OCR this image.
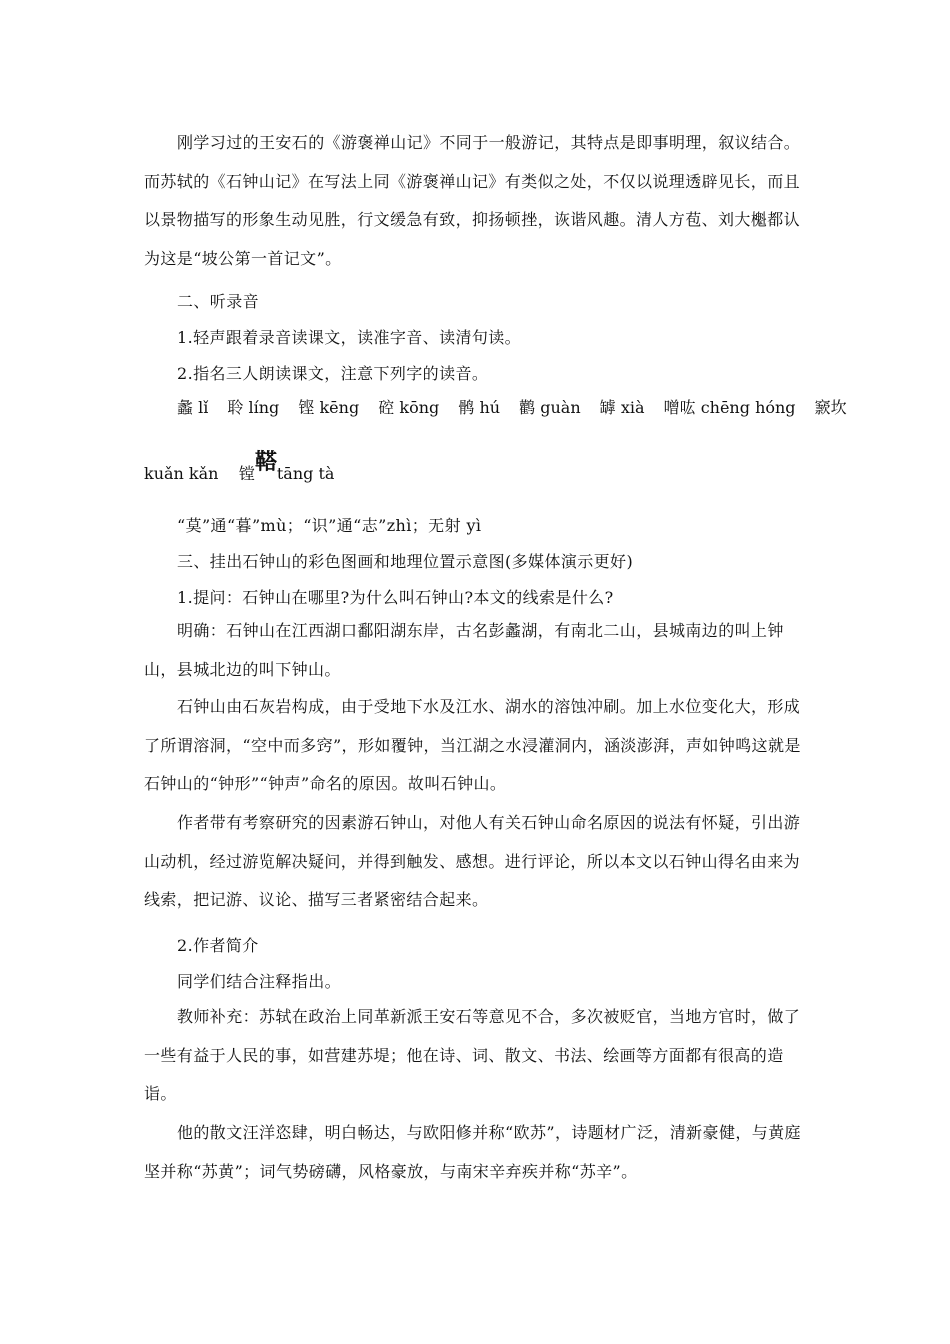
刚学习过的王安石的《游褒禅山记》不同于一般游记，其特点是即事明理，叙议结合。而苏轼的《石钟山记》在写法上同《游褒禅山记》有类似之处，不仅以说理透辟见长，而且以景物描写的形象生动见胜，行文缓急有致，抑扬顿挫，诙谐风趣。清人方苞、刘大櫆都认为这是“坡公第一首记文”。
二、听录音
1.轻声跟着录音读课文，读准字音、读清句读。
2.指名三人朗读课文，注意下列字的读音。
蠡 lǐ 聆 líng 铿 kēng 硿 kōng 鹘 hú 鹳 guàn 罅 xià 噌吰 chēng hóng 窾坎
kuǎn kǎn 镗鞳tāng tà
“莫”通“暮”mù；“识”通“志”zhì；无射 yì
三、挂出石钟山的彩色图画和地理位置示意图(多媒体演示更好)
1.提问：石钟山在哪里?为什么叫石钟山?本文的线索是什么?
明确：石钟山在江西湖口鄱阳湖东岸，古名彭蠡湖，有南北二山，县城南边的叫上钟山，县城北边的叫下钟山。
石钟山由石灰岩构成，由于受地下水及江水、湖水的溶蚀冲刷。加上水位变化大，形成了所谓溶洞，“空中而多窍”，形如覆钟，当江湖之水浸灌洞内，涵淡澎湃，声如钟鸣这就是石钟山的“钟形”“钟声”命名的原因。故叫石钟山。
作者带有考察研究的因素游石钟山，对他人有关石钟山命名原因的说法有怀疑，引出游山动机，经过游览解决疑问，并得到触发、感想。进行评论，所以本文以石钟山得名由来为线索，把记游、议论、描写三者紧密结合起来。
2.作者简介
同学们结合注释指出。
教师补充：苏轼在政治上同革新派王安石等意见不合，多次被贬官，当地方官时，做了一些有益于人民的事，如营建苏堤；他在诗、词、散文、书法、绘画等方面都有很高的造诣。
他的散文汪洋恣肆，明白畅达，与欧阳修并称“欧苏”，诗题材广泛，清新豪健，与黄庭坚并称“苏黄”；词气势磅礴，风格豪放，与南宋辛弃疾并称“苏辛”。
